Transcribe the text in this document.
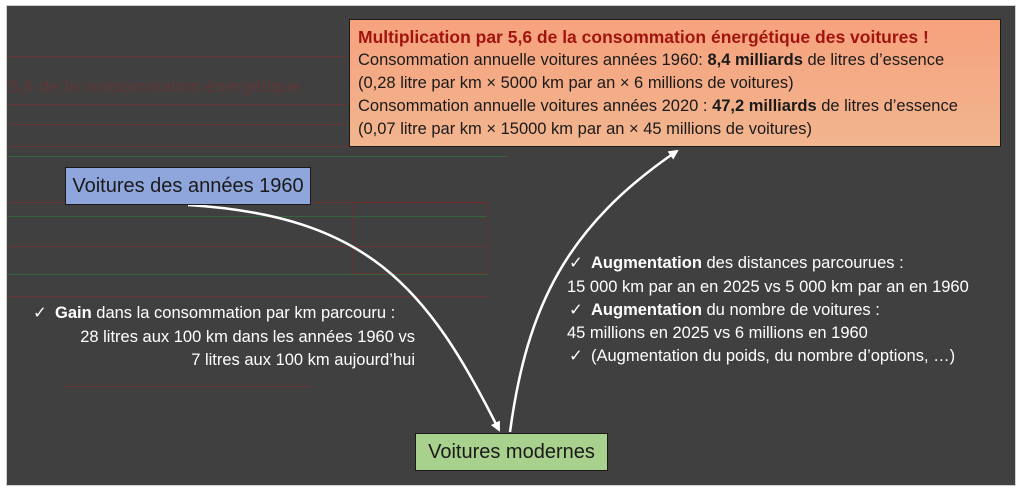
5,6 de la consommation énergétique
Multiplication par 5,6 de la consommation énergétique des voitures !
Consommation annuelle voitures années 1960: 8,4 milliards de litres d’essence
(0,28 litre par km × 5000 km par an × 6 millions de voitures)
Consommation annuelle voitures années 2020 : 47,2 milliards de litres d’essence
(0,07 litre par km × 15000 km par an × 45 millions de voitures)
Voitures des années 1960
Voitures modernes
✓ Gain dans la consommation par km parcouru :
28 litres aux 100 km dans les années 1960 vs
7 litres aux 100 km aujourd’hui
✓ Augmentation des distances parcourues :
15 000 km par an en 2025 vs 5 000 km par an en 1960
✓ Augmentation du nombre de voitures :
45 millions en 2025 vs 6 millions en 1960
✓ (Augmentation du poids, du nombre d’options, …)
